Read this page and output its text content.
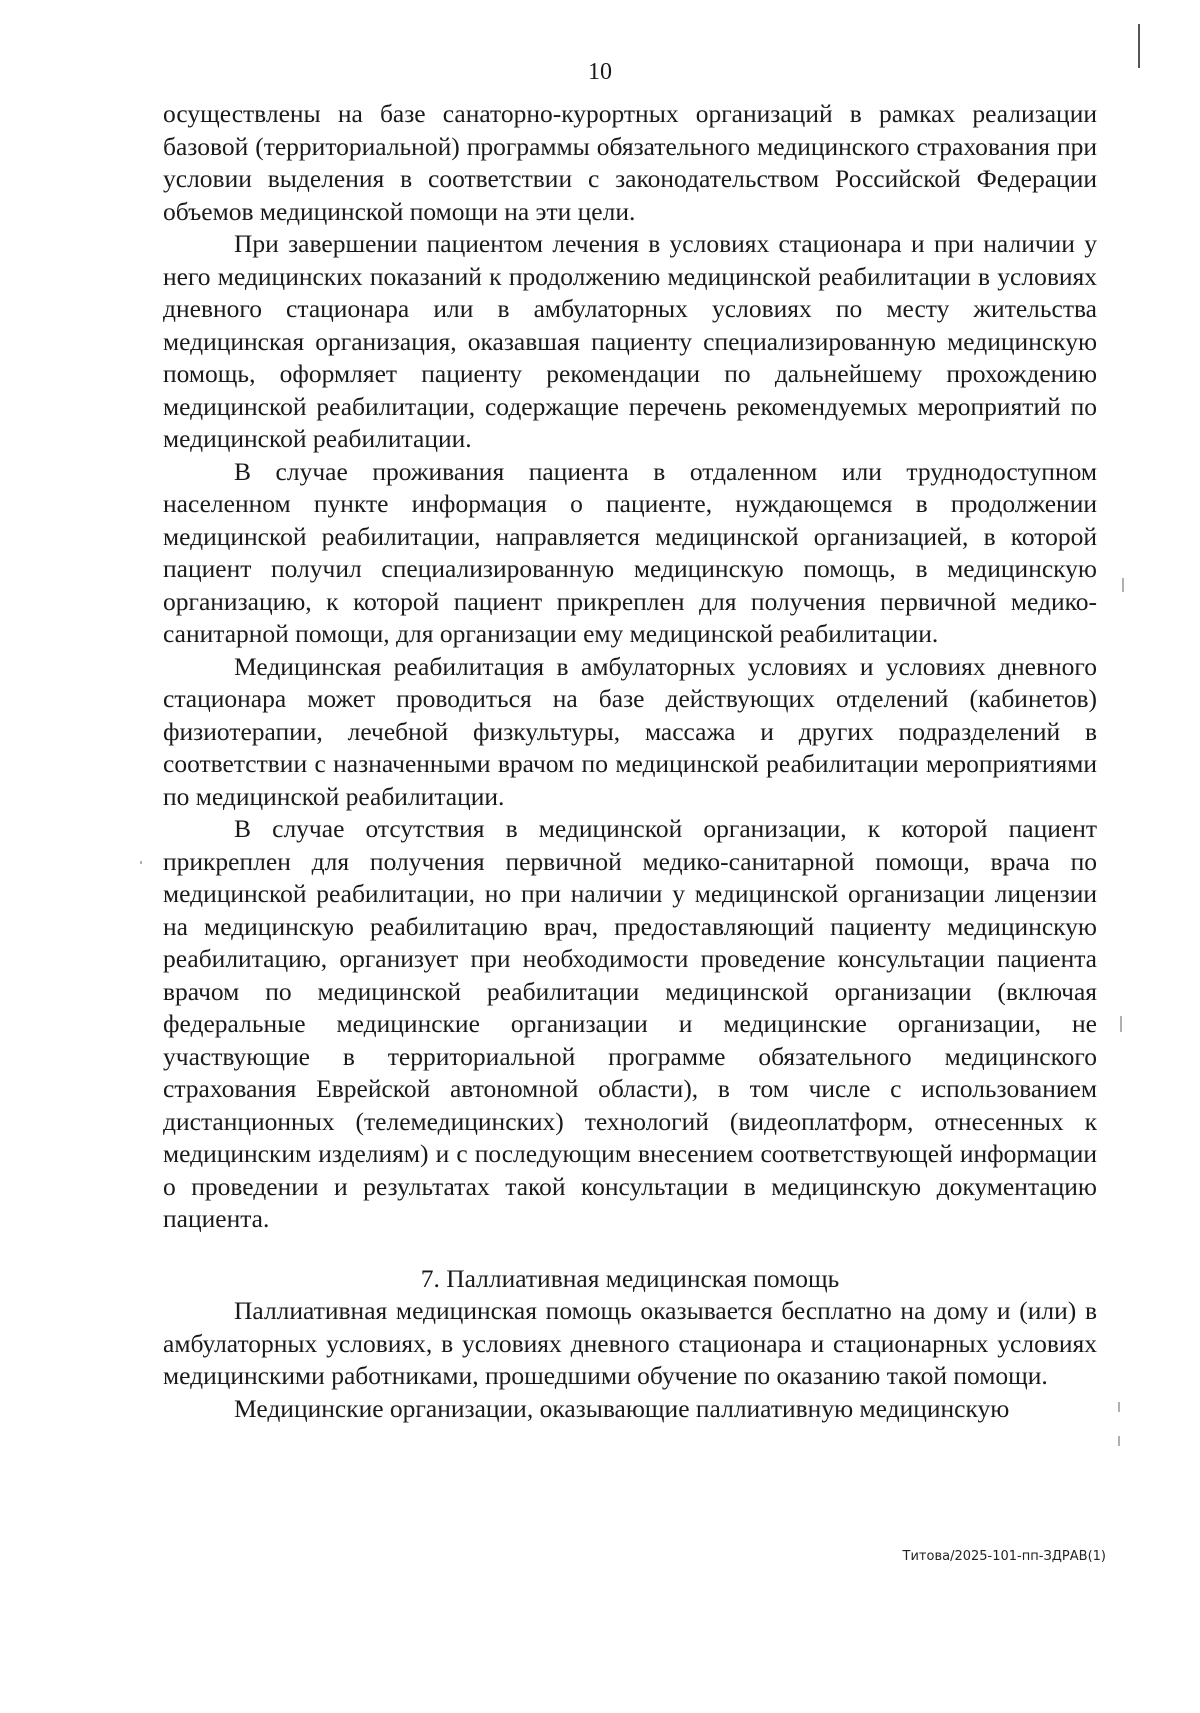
10

осуществлены на базе санаторно-курортных организаций в рамках реализации базовой (территориальной) программы обязательного медицинского страхования при условии выделения в соответствии с законодательством Российской Федерации объемов медицинской помощи на эти цели.

При завершении пациентом лечения в условиях стационара и при наличии у него медицинских показаний к продолжению медицинской реабилитации в условиях дневного стационара или в амбулаторных условиях по месту жительства медицинская организация, оказавшая пациенту специализированную медицинскую помощь, оформляет пациенту рекомендации по дальнейшему прохождению медицинской реабилитации, содержащие перечень рекомендуемых мероприятий по медицинской реабилитации.

В случае проживания пациента в отдаленном или труднодоступном населенном пункте информация о пациенте, нуждающемся в продолжении медицинской реабилитации, направляется медицинской организацией, в которой пациент получил специализированную медицинскую помощь, в медицинскую организацию, к которой пациент прикреплен для получения первичной медико-санитарной помощи, для организации ему медицинской реабилитации.

Медицинская реабилитация в амбулаторных условиях и условиях дневного стационара может проводиться на базе действующих отделений (кабинетов) физиотерапии, лечебной физкультуры, массажа и других подразделений в соответствии с назначенными врачом по медицинской реабилитации мероприятиями по медицинской реабилитации.

В случае отсутствия в медицинской организации, к которой пациент прикреплен для получения первичной медико-санитарной помощи, врача по медицинской реабилитации, но при наличии у медицинской организации лицензии на медицинскую реабилитацию врач, предоставляющий пациенту медицинскую реабилитацию, организует при необходимости проведение консультации пациента врачом по медицинской реабилитации медицинской организации (включая федеральные медицинские организации и медицинские организации, не участвующие в территориальной программе обязательного медицинского страхования Еврейской автономной области), в том числе с использованием дистанционных (телемедицинских) технологий (видеоплатформ, отнесенных к медицинским изделиям) и с последующим внесением соответствующей информации о проведении и результатах такой консультации в медицинскую документацию пациента.

7. Паллиативная медицинская помощь

Паллиативная медицинская помощь оказывается бесплатно на дому и (или) в амбулаторных условиях, в условиях дневного стационара и стационарных условиях медицинскими работниками, прошедшими обучение по оказанию такой помощи.

Медицинские организации, оказывающие паллиативную медицинскую

Титова/2025-101-пп-ЗДРАВ(1)
